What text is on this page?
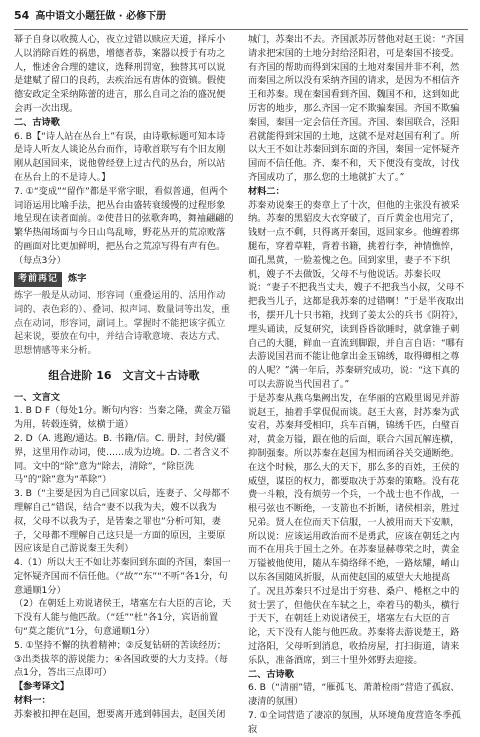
54 高中语文小题狂做 · 必修下册

幂子自身以收揽人心，夜立过错以赎应天道，择斥小人以消除百姓的祸患，增德者恭，案器以授于有功之人，惟述舍合理的建议，选释刑罚宽，独替其可以说是建赋了留口的良药，去疾治远有唐体的资镇。假使德安政定全采纳陈蕾的进言，那么自司之治的盛况便会再一次出现。

二、古诗歌

6. B【“诗人站在丛台上”有误，由诗歌标题可知本诗是诗人听友人谈论丛台而作，诗歌首联写有个旧友刚刚从赵国回来，说他曾经登上过古代的丛台，所以站在丛台上的不是诗人。】

7. ①“变成”“留作”都是平常字眼，看似普通，但两个词语运用比喻手法，把丛台由盛转衰缓慢的过程形象地呈现在读者面前。②使昔日的弦歌奔鸣，舞袖翩翩的繁华热闹场面与今日山鸟乱啼，野花丛开的荒凉败落的画面对比更加鲜明，把丛台之荒凉写得有声有色。（每点3分）

考前再记	炼字

炼字一般是从动词、形容词（重叠运用的、活用作动词的、表色彩的）、叠词、拟声词、数量词等出发，重点在动词，形容词，副词上。掌握时不能把该字孤立起来说，要放在句中，并结合诗歌意境、表达方式、思想情感等来分析。

组合进阶 16　文言文＋古诗歌

一、文言文

1. B D F（每处1分。断句内容：当秦之隆，黄金万镒为用，转毂连骑，炫横于道）

2. D（A. 逃跑/通达。B. 书籍/信。C. 册封，封侯/疆界，这里用作动词，使……成为边境。D. 二者含义不同。文中的“除”意为“除去，清除”，“除臣洗马”的“除”意为“革除”）

3. B（“主要是因为自己回家以后，连妻子、父母都不理解自己”错误，结合“妻不以我为夫，嫂不以我为叔，父母不以我为子，是皆秦之罪也”分析可知，妻子，父母都不理解自己这只是一方面的原因，主要原因应该是自己游说秦王失利）

4.（1）所以大王不如让苏秦回到东面的齐国，秦国一定怀疑齐国而不信任他。（“故”“东”“不听”各1分，句意通顺1分）

（2）在朝廷上劝说诸侯王，堵塞左右大臣的言论，天下没有人能与他匹敌。（“廷”“杜”各1分，宾语前置句“莫之能伉”1分，句意通顺1分）

5. ①坚持不懈的执着精神；②反复钻研的苦读经历；③出类拔萃的游说能力；④各国政要的大力支持。（每点1分，答出三点即可）

【参考译文】

材料一：

苏秦被扣押在赵国，想要离开逃到韩国去，赵国关闭

城门，苏秦出不去。齐国派苏厉替他对赵王说：“齐国请求把宋国的土地分封给泾阳君，可是秦国不接受。有齐国的帮助而得到宋国的土地对秦国并非不利，然而秦国之所以没有采纳齐国的请求，是因为不相信齐王和苏秦。现在秦国看到齐国、魏国不和，这到如此厉害的地步，那么齐国一定不欺骗秦国。齐国不欺骗秦国，秦国一定会信任齐国。齐国、秦国联合，泾阳君就能得到宋国的土地，这就不是对赵国有利了。所以大王不如让苏秦回到东面的齐国，秦国一定怀疑齐国而不信任他。齐、秦不和，天下便没有变故，讨伐齐国成功了，那么您的土地就扩大了。”

材料二：

苏秦劝说秦王的奏章上了十次，但他的主张没有被采纳。苏秦的黑貂皮大衣穿破了，百斤黄金也用完了，钱财一点不剩，只得离开秦国，返回家乡。他缠着绑腿布，穿着草鞋，背着书籍，挑着行李，神情憔悴，面孔黑黄，一脸羞愧之色。回到家里，妻子不下织机，嫂子不去做饭，父母不与他说话。苏秦长叹说：“妻子不把我当丈夫，嫂子不把我当小叔，父母不把我当儿子，这都是我苏秦的过错啊！”于是半夜取出书，摆开几十只书箱，找到了姜太公的兵书《阴符》，埋头诵读，反复研究，读到昏昏欲睡时，就拿锥子刺自己的大腿，鲜血一直流到脚跟，并自言自语：“哪有去游说国君而不能让他拿出金玉锦绣，取得卿相之尊的人呢？”满一年后，苏秦研究成功，说：“这下真的可以去游说当代国君了。”

于是苏秦从燕乌集阙出发，在华丽的宫殿里谒见并游说赵王，抽着手掌侃侃而谈。赵王大喜，封苏秦为武安君，苏秦拜受相印，兵车百辆，锦绣千匹，白璧百对，黄金万镒，跟在他的后面，联合六国瓦解连横，抑制强秦。所以苏秦在赵国为相而函谷关交通断绝。在这个时候，那么大的天下，那么多的百姓，王侯的威望，谋臣的权力，都要取决于苏秦的策略。没有花费一斗粮，没有烦劳一个兵，一个战士也不作战，一根弓弦也不断绝，一支箭也不折断，诸侯相亲，胜过兄弟。贤人在位而天下信服，一人被用而天下安顺，所以说：应该运用政治而不是勇武，应该在朝廷之内而不在用兵于国土之外。在苏秦显赫尊荣之时，黄金万镒被他使用，随从车骑络绎不绝，一路炫耀，崤山以东各国随风折服，从而使赵国的威望大大地提高了。况且苏秦只不过是出于穷巷、桑户、棬枢之中的贫士罢了，但他伏在车轼之上，牵着马的勒头，横行于天下，在朝廷上劝说诸侯王，堵塞左右大臣的言论，天下没有人能与他匹敌。苏秦将去游说楚王，路过洛阳，父母听到消息，收拾房屋，打扫街道，请来乐队，准备酒席，到三十里外郊野去迎接。

二、古诗歌

6. B（“清丽”错，“雁孤飞、萧萧检雨”营造了孤寂、凄清的氛围）

7. ①全词营造了凄凉的氛围，从环境角度营造冬季孤寂
